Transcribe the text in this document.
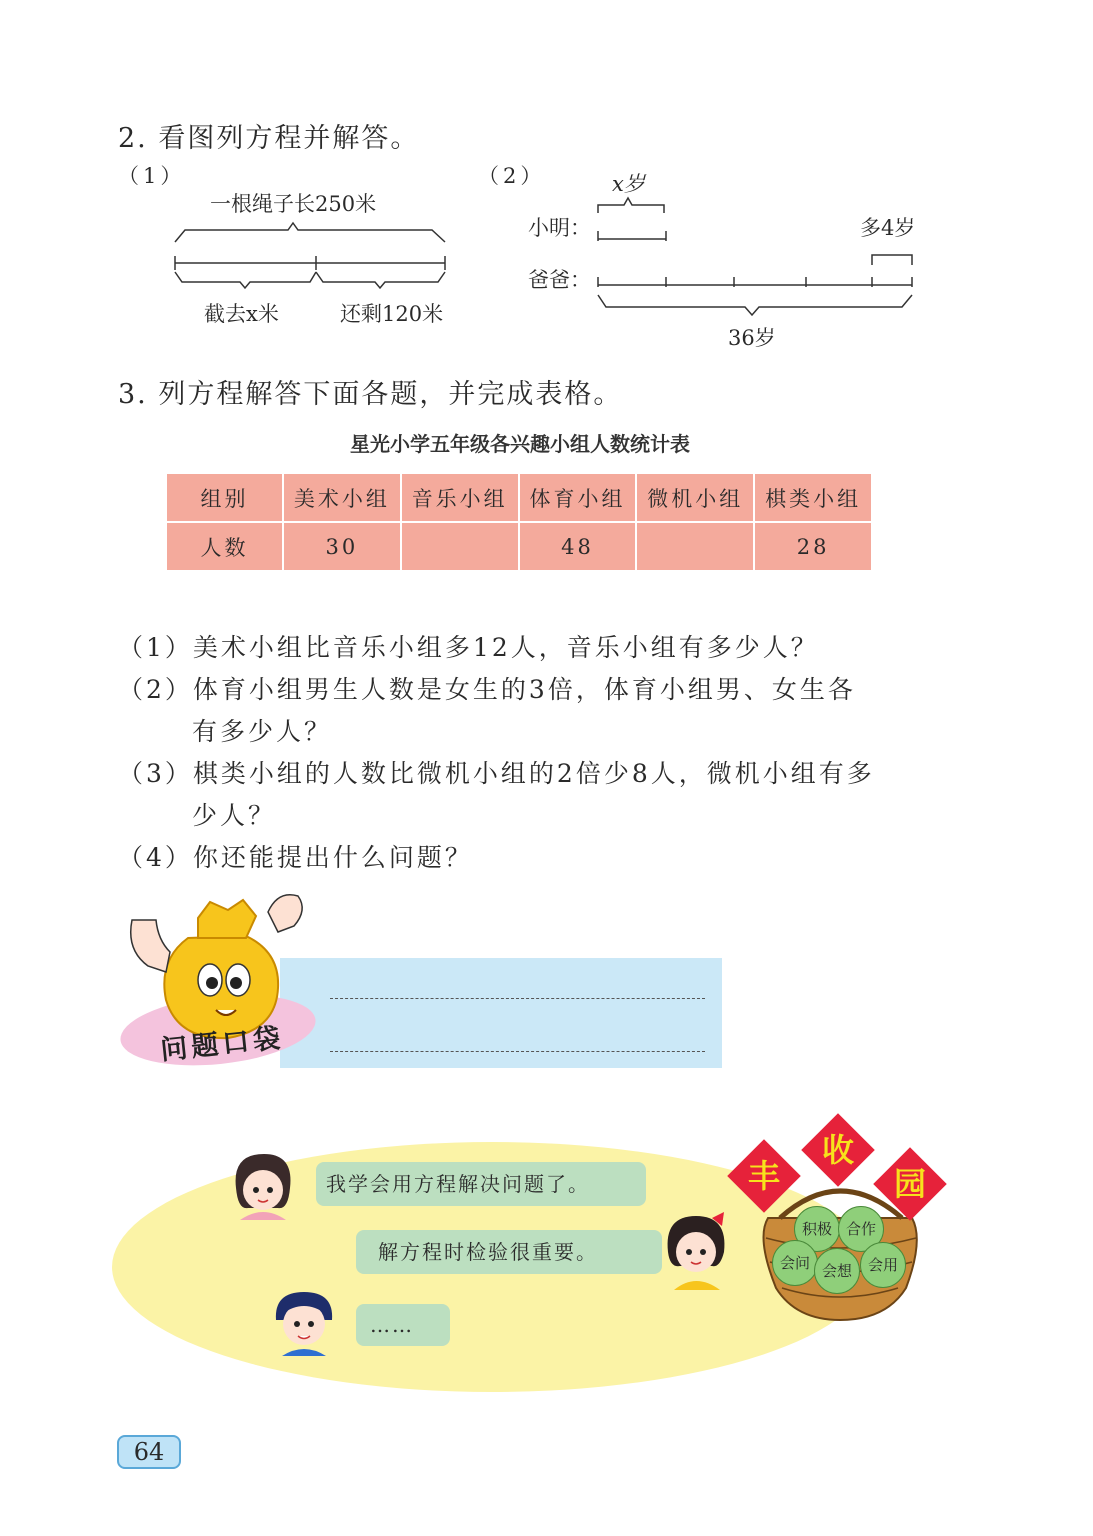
2. 看图列方程并解答。
（1）
一根绳子长250米
截去x米	还剩120米
（2）	x岁
小明：	多4岁
爸爸：
36岁
3. 列方程解答下面各题，并完成表格。
星光小学五年级各兴趣小组人数统计表
组别	美术小组	音乐小组	体育小组	微机小组	棋类小组
人数	30		48		28
（1）美术小组比音乐小组多12人，音乐小组有多少人？
（2）体育小组男生人数是女生的3倍，体育小组男、女生各
有多少人？
（3）棋类小组的人数比微机小组的2倍少8人，微机小组有多
少人？
（4）你还能提出什么问题？
问题口袋
我学会用方程解决问题了。
解方程时检验很重要。
……
积极 合作
会问 会想	会用
丰
收
园
64
